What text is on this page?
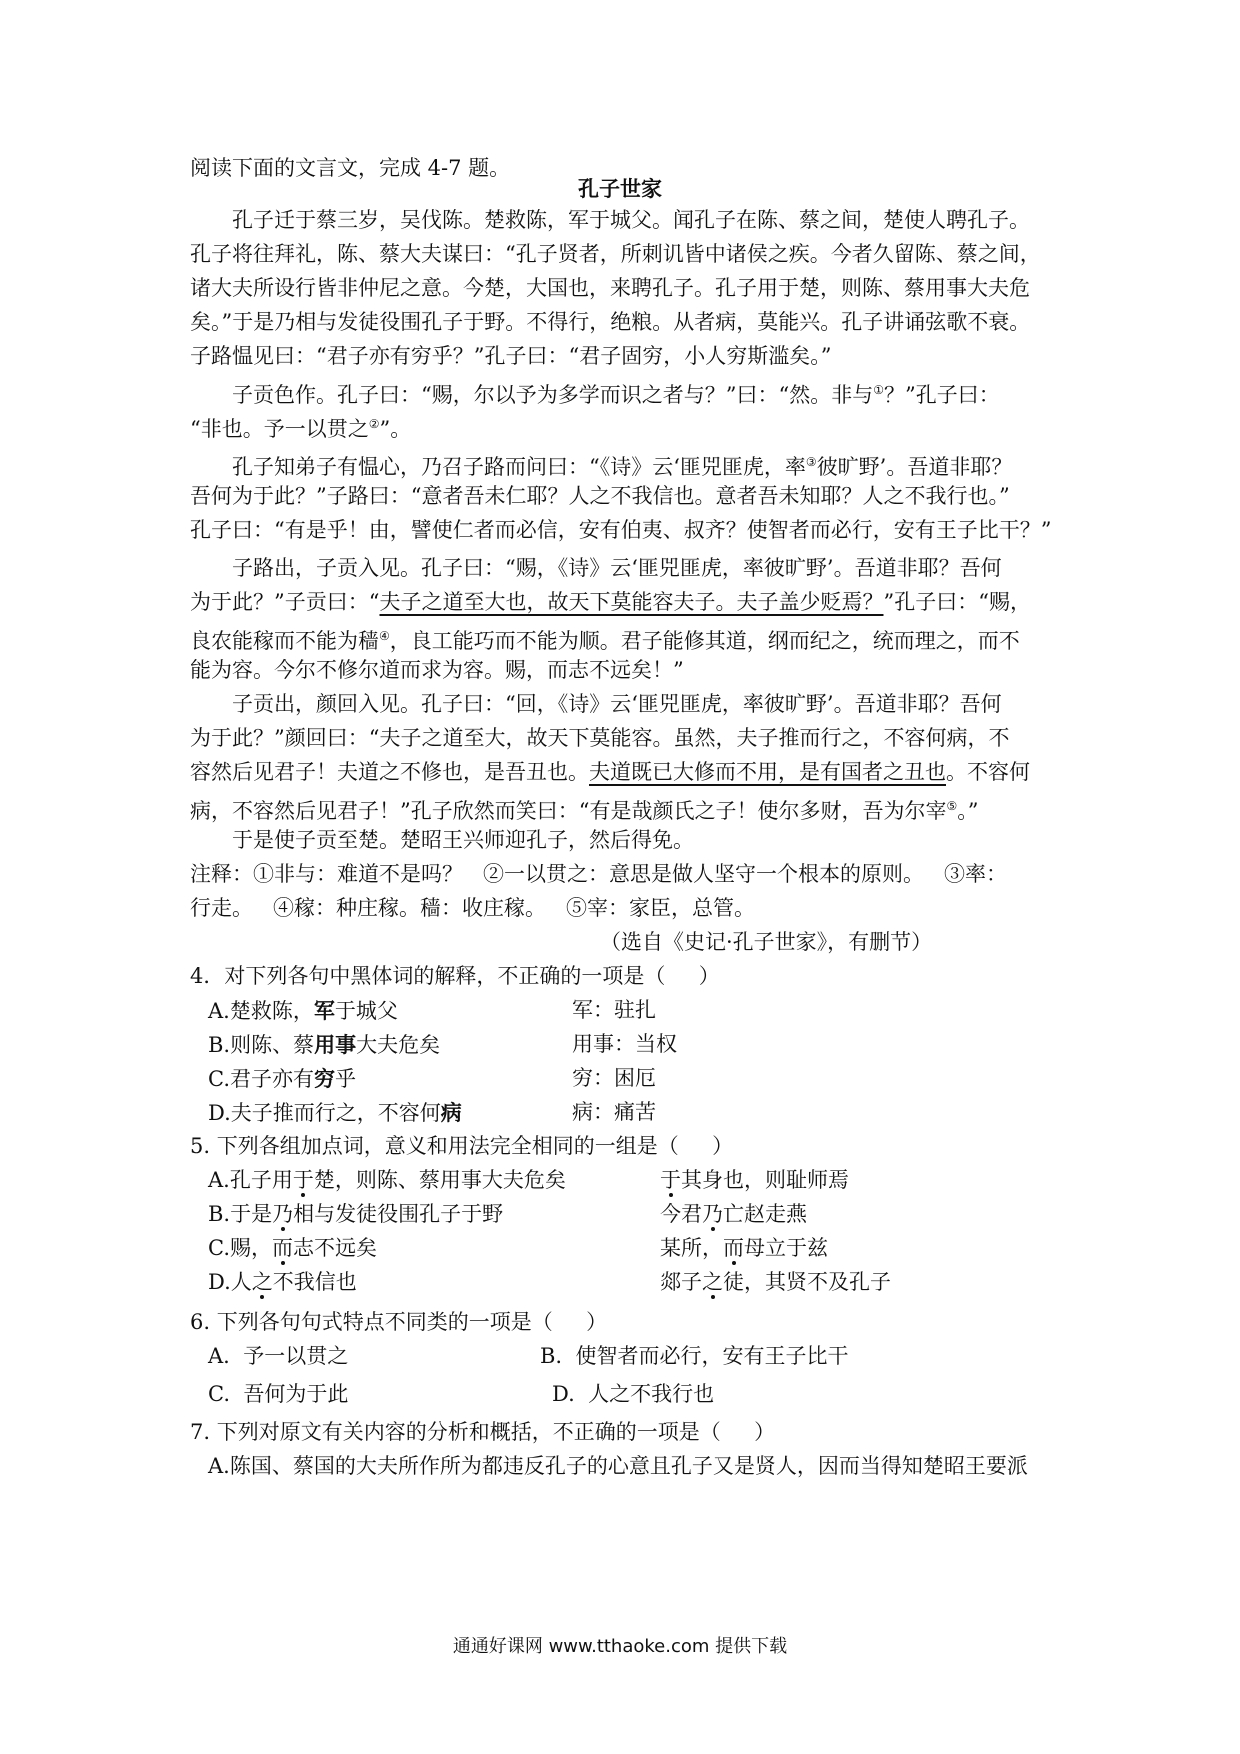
阅读下面的文言文，完成 4-7 题。
孔子世家
孔子迁于蔡三岁，吴伐陈。楚救陈，军于城父。闻孔子在陈、蔡之间，楚使人聘孔子。
孔子将往拜礼，陈、蔡大夫谋曰：“孔子贤者，所刺讥皆中诸侯之疾。今者久留陈、蔡之间，
诸大夫所设行皆非仲尼之意。今楚，大国也，来聘孔子。孔子用于楚，则陈、蔡用事大夫危
矣。”于是乃相与发徒役围孔子于野。不得行，绝粮。从者病，莫能兴。孔子讲诵弦歌不衰。
子路愠见曰：“君子亦有穷乎？”孔子曰：“君子固穷，小人穷斯滥矣。”
子贡色作。孔子曰：“赐，尔以予为多学而识之者与？”曰：“然。非与①？”孔子曰：
“非也。予一以贯之②”。
孔子知弟子有愠心，乃召子路而问曰：“《诗》云‘匪兕匪虎，率③彼旷野’。吾道非耶？
吾何为于此？”子路曰：“意者吾未仁耶？人之不我信也。意者吾未知耶？人之不我行也。”
孔子曰：“有是乎！由，譬使仁者而必信，安有伯夷、叔齐？使智者而必行，安有王子比干？”
子路出，子贡入见。孔子曰：“赐，《诗》云‘匪兕匪虎，率彼旷野’。吾道非耶？吾何
为于此？”子贡曰：“夫子之道至大也，故天下莫能容夫子。夫子盖少贬焉？”孔子曰：“赐，
良农能稼而不能为穑④，良工能巧而不能为顺。君子能修其道，纲而纪之，统而理之，而不
能为容。今尔不修尔道而求为容。赐，而志不远矣！”
子贡出，颜回入见。孔子曰：“回，《诗》云‘匪兕匪虎，率彼旷野’。吾道非耶？吾何
为于此？”颜回曰：“夫子之道至大，故天下莫能容。虽然，夫子推而行之，不容何病，不
容然后见君子！夫道之不修也，是吾丑也。夫道既已大修而不用，是有国者之丑也。不容何
病，不容然后见君子！”孔子欣然而笑曰：“有是哉颜氏之子！使尔多财，吾为尔宰⑤。”
于是使子贡至楚。楚昭王兴师迎孔子，然后得免。
注释：①非与：难道不是吗？   ②一以贯之：意思是做人坚守一个根本的原则。   ③率：
行走。   ④稼：种庄稼。穑：收庄稼。   ⑤宰：家臣，总管。
（选自《史记·孔子世家》，有删节）
4．对下列各句中黑体词的解释，不正确的一项是（     ）
A.楚救陈，军于城父	军：驻扎
B.则陈、蔡用事大夫危矣	用事：当权
C.君子亦有穷乎	穷：困厄
D.夫子推而行之，不容何病	病：痛苦
5. 下列各组加点词，意义和用法完全相同的一组是（     ）
A.孔子用于楚，则陈、蔡用事大夫危矣	于其身也，则耻师焉
B.于是乃相与发徒役围孔子于野	今君乃亡赵走燕
C.赐，而志不远矣	某所，而母立于兹
D.人之不我信也	郯子之徒，其贤不及孔子
6. 下列各句句式特点不同类的一项是（     ）
A.  予一以贯之	B.  使智者而必行，安有王子比干
C.  吾何为于此	D.  人之不我行也
7. 下列对原文有关内容的分析和概括，不正确的一项是（     ）
A.陈国、蔡国的大夫所作所为都违反孔子的心意且孔子又是贤人，因而当得知楚昭王要派
通通好课网 www.tthaoke.com 提供下载
